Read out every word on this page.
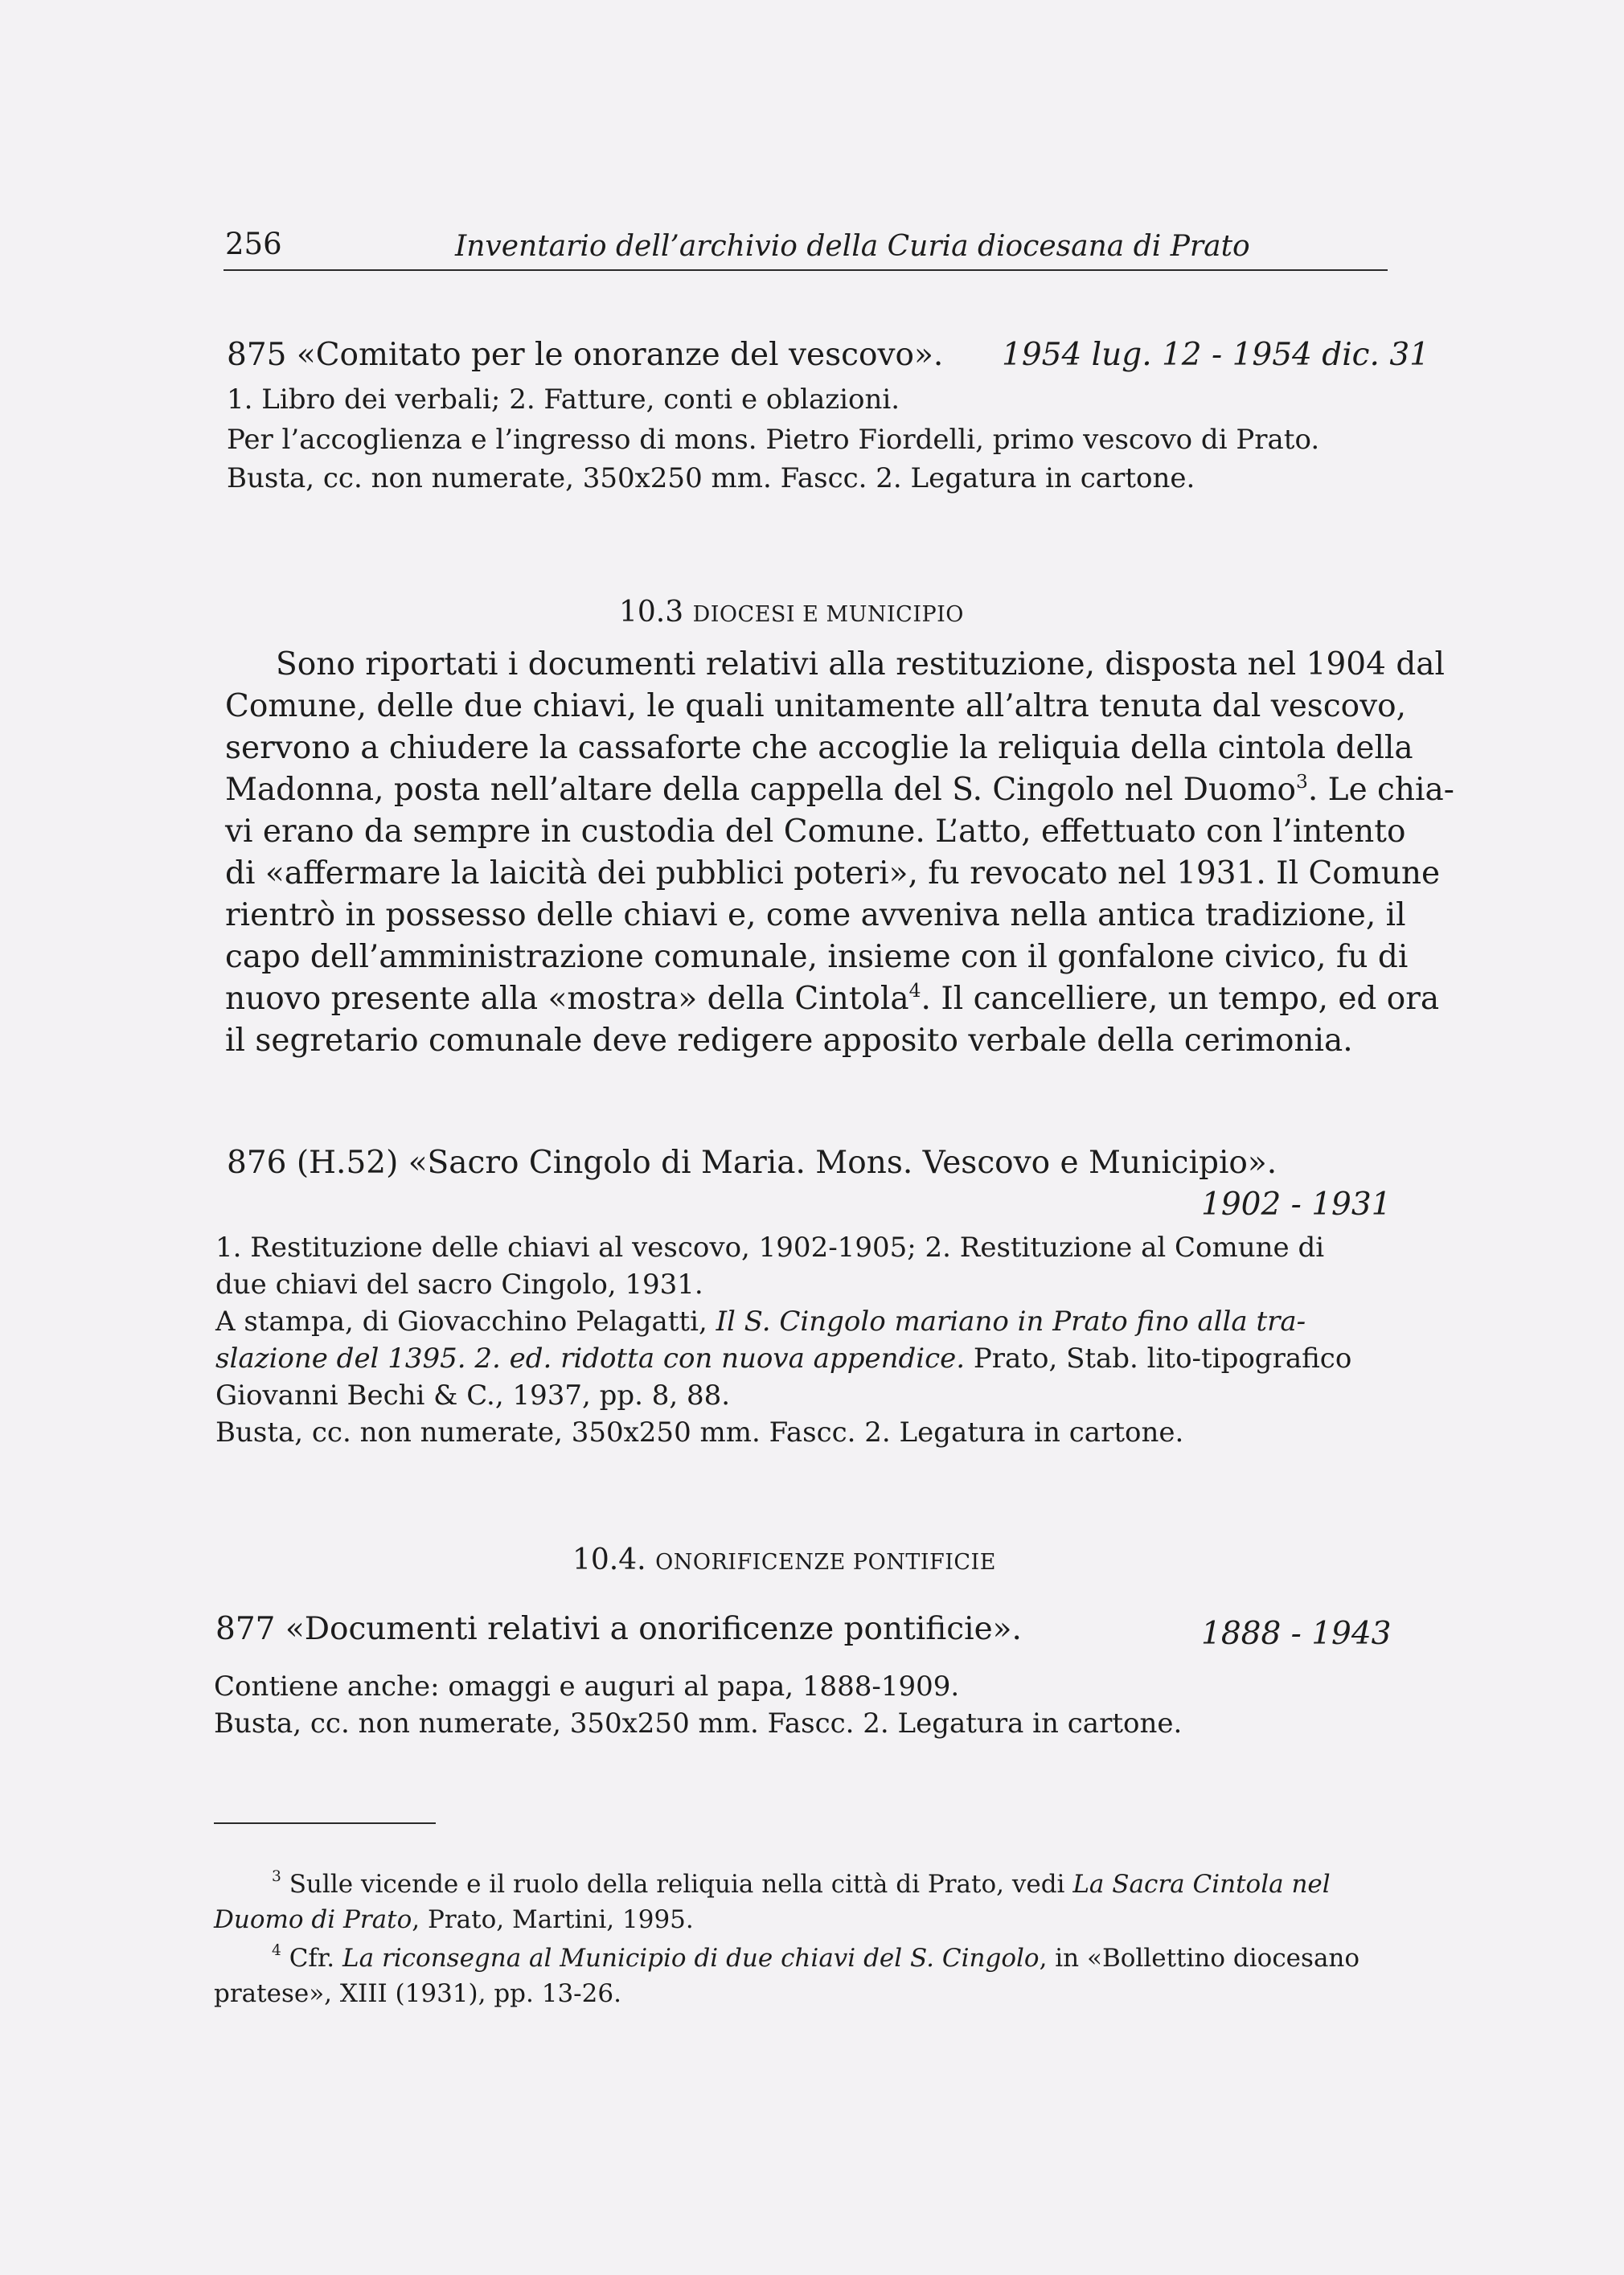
256	Inventario dell’archivio della Curia diocesana di Prato
875 «Comitato per le onoranze del vescovo». 1954 lug. 12 - 1954 dic. 31
1. Libro dei verbali; 2. Fatture, conti e oblazioni.
Per l’accoglienza e l’ingresso di mons. Pietro Fiordelli, primo vescovo di Prato.
Busta, cc. non numerate, 350x250 mm. Fascc. 2. Legatura in cartone.
10.3 DIOCESI E MUNICIPIO
Sono riportati i documenti relativi alla restituzione, disposta nel 1904 dal
Comune, delle due chiavi, le quali unitamente all’altra tenuta dal vescovo,
servono a chiudere la cassaforte che accoglie la reliquia della cintola della
Madonna, posta nell’altare della cappella del S. Cingolo nel Duomo$^3$. Le chia-
vi erano da sempre in custodia del Comune. L’atto, effettuato con l’intento
di «affermare la laicità dei pubblici poteri», fu revocato nel 1931. Il Comune
rientrò in possesso delle chiavi e, come avveniva nella antica tradizione, il
capo dell’amministrazione comunale, insieme con il gonfalone civico, fu di
nuovo presente alla «mostra» della Cintola$^4$. Il cancelliere, un tempo, ed ora
il segretario comunale deve redigere apposito verbale della cerimonia.
876 (H.52) «Sacro Cingolo di Maria. Mons. Vescovo e Municipio».
1902 - 1931
1. Restituzione delle chiavi al vescovo, 1902-1905; 2. Restituzione al Comune di
due chiavi del sacro Cingolo, 1931.
A stampa, di Giovacchino Pelagatti, Il S. Cingolo mariano in Prato fino alla tra-
slazione del 1395. 2. ed. ridotta con nuova appendice. Prato, Stab. lito-tipografico
Giovanni Bechi & C., 1937, pp. 8, 88.
Busta, cc. non numerate, 350x250 mm. Fascc. 2. Legatura in cartone.
10.4. ONORIFICENZE PONTIFICIE
877 «Documenti relativi a onorificenze pontificie».	1888 - 1943
Contiene anche: omaggi e auguri al papa, 1888-1909.
Busta, cc. non numerate, 350x250 mm. Fascc. 2. Legatura in cartone.
$^3$ Sulle vicende e il ruolo della reliquia nella città di Prato, vedi La Sacra Cintola nel
Duomo di Prato, Prato, Martini, 1995.
$^4$ Cfr. La riconsegna al Municipio di due chiavi del S. Cingolo, in «Bollettino diocesano
pratese», XIII (1931), pp. 13-26.
